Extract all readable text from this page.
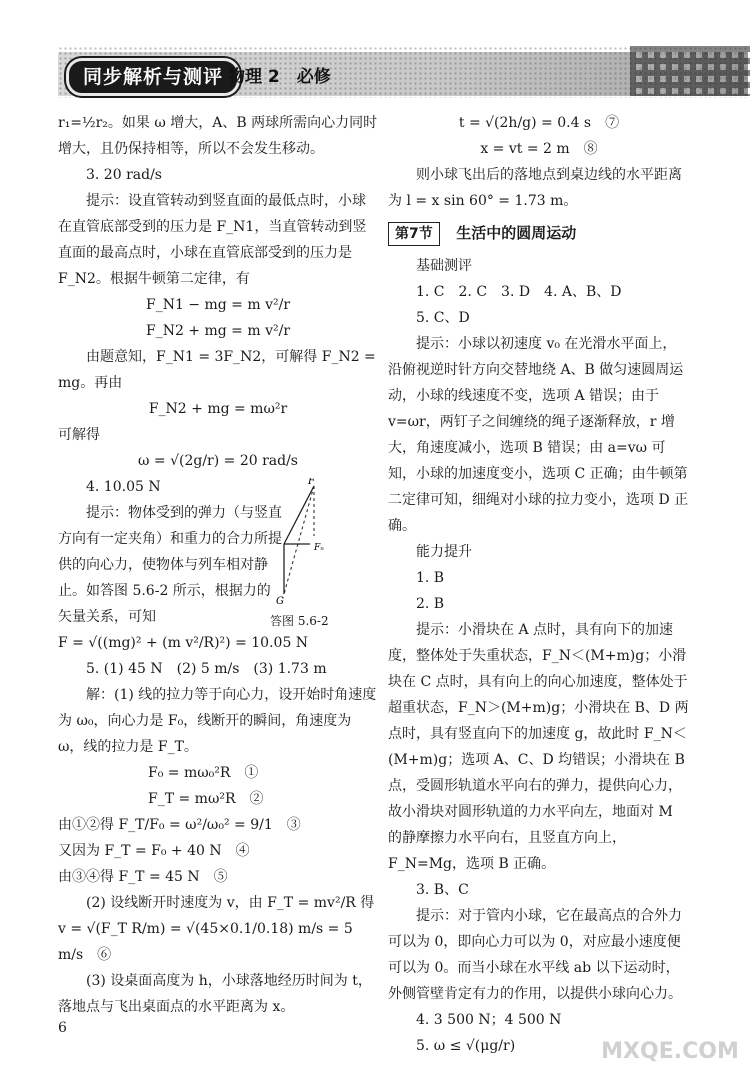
同步解析与测评 物理 2　必修

r₁=½r₂。如果 ω 增大，A、B 两球所需向心力同时增大，且仍保持相等，所以不会发生移动。

3. 20 rad/s

提示：设直管转动到竖直面的最低点时，小球在直管底部受到的压力是 F_N1，当直管转动到竖直面的最高点时，小球在直管底部受到的压力是 F_N2。根据牛顿第二定律，有

F_N1 − mg = m v²/r

F_N2 + mg = m v²/r

由题意知，F_N1 = 3F_N2，可解得 F_N2 = mg。再由

F_N2 + mg = mω²r

可解得

ω = √(2g/r) = 20 rad/s

4. 10.05 N

提示：物体受到的弹力（与竖直方向有一定夹角）和重力的合力所提供的向心力，使物体与列车相对静止。如答图 5.6-2 所示，根据力的矢量关系，可知

F = √((mg)² + (m v²/R)²) = 10.05 N

5. (1) 45 N　(2) 5 m/s　(3) 1.73 m

解：(1) 线的拉力等于向心力，设开始时角速度为 ω₀，向心力是 F₀，线断开的瞬间，角速度为 ω，线的拉力是 F_T。

F₀ = mω₀²R　①

F_T = mω²R　②

由①②得 F_T/F₀ = ω²/ω₀² = 9/1　③

又因为 F_T = F₀ + 40 N　④

由③④得 F_T = 45 N　⑤

(2) 设线断开时速度为 v，由 F_T = mv²/R 得

v = √(F_T R/m) = √(45×0.1/0.18) m/s = 5 m/s　⑥

(3) 设桌面高度为 h，小球落地经历时间为 t，落地点与飞出桌面点的水平距离为 x。

F
Fₙ
G
答图 5.6-2

t = √(2h/g) = 0.4 s　⑦

x = vt = 2 m　⑧

则小球飞出后的落地点到桌边线的水平距离为 l = x sin 60° = 1.73 m。

第7节 生活中的圆周运动

基础测评

1. C　2. C　3. D　4. A、B、D

5. C、D

提示：小球以初速度 v₀ 在光滑水平面上，沿俯视逆时针方向交替地绕 A、B 做匀速圆周运动，小球的线速度不变，选项 A 错误；由于 v=ωr，两钉子之间缠绕的绳子逐渐释放，r 增大，角速度减小，选项 B 错误；由 a=vω 可知，小球的加速度变小，选项 C 正确；由牛顿第二定律可知，细绳对小球的拉力变小，选项 D 正确。

能力提升

1. B

2. B

提示：小滑块在 A 点时，具有向下的加速度，整体处于失重状态，F_N＜(M+m)g；小滑块在 C 点时，具有向上的向心加速度，整体处于超重状态，F_N＞(M+m)g；小滑块在 B、D 两点时，具有竖直向下的加速度 g，故此时 F_N＜(M+m)g；选项 A、C、D 均错误；小滑块在 B 点，受圆形轨道水平向右的弹力，提供向心力，故小滑块对圆形轨道的力水平向左，地面对 M 的静摩擦力水平向右，且竖直方向上，F_N=Mg，选项 B 正确。

3. B、C

提示：对于管内小球，它在最高点的合外力可以为 0，即向心力可以为 0，对应最小速度便可以为 0。而当小球在水平线 ab 以下运动时，外侧管壁肯定有力的作用，以提供小球向心力。

4. 3 500 N；4 500 N

5. ω ≤ √(μg/r)

6
MXQE.COM
